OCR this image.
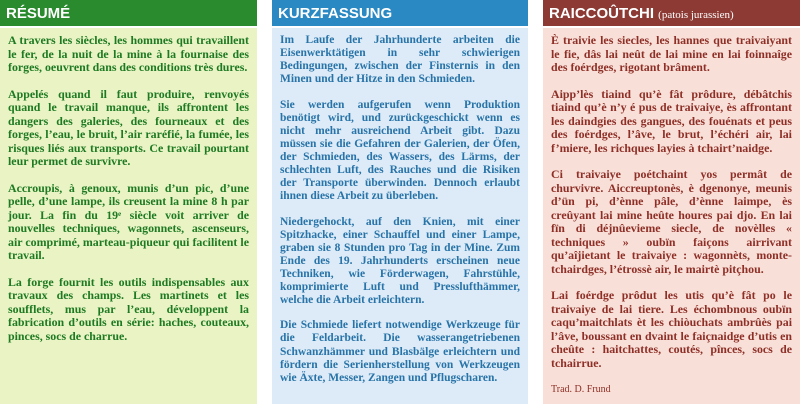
RÉSUMÉ

A travers les siècles, les hommes qui travaillent le fer, de la nuit de la mine à la fournaise des forges, oeuvrent dans des conditions très dures.

Appelés quand il faut produire, renvoyés quand le travail manque, ils affrontent les dangers des galeries, des fourneaux et des forges, l’eau, le bruit, l’air raréfié, la fumée, les risques liés aux transports. Ce travail pourtant leur permet de survivre.

Accroupis, à genoux, munis d’un pic, d’une pelle, d’une lampe, ils creusent la mine 8 h par jour. La fin du 19ᵉ siècle voit arriver de nouvelles techniques, wagonnets, ascenseurs, air comprimé, marteau-piqueur qui facilitent le travail.

La forge fournit les outils indispensables aux travaux des champs. Les martinets et les soufflets, mus par l’eau, développent la fabrication d’outils en série: haches, couteaux, pinces, socs de charrue.

KURZFASSUNG

Im Laufe der Jahrhunderte arbeiten die Eisenwerktätigen in sehr schwierigen Bedingungen, zwischen der Finsternis in den Minen und der Hitze in den Schmieden.

Sie werden aufgerufen wenn Produktion benötigt wird, und zurückgeschickt wenn es nicht mehr ausreichend Arbeit gibt. Dazu müssen sie die Gefahren der Galerien, der Öfen, der Schmieden, des Wassers, des Lärms, der schlechten Luft, des Rauches und die Risiken der Transporte überwinden. Dennoch erlaubt ihnen diese Arbeit zu überleben.

Niedergehockt, auf den Knien, mit einer Spitzhacke, einer Schauffel und einer Lampe, graben sie 8 Stunden pro Tag in der Mine. Zum Ende des 19. Jahrhunderts erscheinen neue Techniken, wie Förderwagen, Fahrstühle, komprimierte Luft und Presslufthämmer, welche die Arbeit erleichtern.

Die Schmiede liefert notwendige Werkzeuge für die Feldarbeit. Die wasserangetriebenen Schwanzhämmer und Blasbälge erleichtern und fördern die Serienherstellung von Werkzeugen wie Äxte, Messer, Zangen und Pflugscharen.

RAICCOÛTCHI (patois jurassien)

È traivie les siecles, les hannes que traivaiyant le fie, dâs lai neût de lai mine en lai foinnaîge des foérdges, rigotant brâment.

Aipp’lès tiaind qu’è fât prôdure, débâtchis tiaind qu’è n’y é pus de traivaiye, ès affrontant les daindgies des gangues, des fouénats et peus des foérdges, l’âve, le brut, l’échéri air, lai f’miere, les richques layies à tchairt’naidge.

Ci traivaiye poétchaint yos permât de churvivre. Aiccreuptonès, è dgenonye, meunis d’ün pi, d’ènne pâle, d’ènne laimpe, ès creûyant lai mine heûte houres pai djo. En lai fïn di déjnûevieme siecle, de novèlles « techniques » oubïn faiçons airrivant qu’aîjietant le traivaiye : wagonnèts, monte-tchairdges, l’étrossè air, le mairtè pitçhou.

Lai foérdge prôdut les utis qu’è fât po le traivaiye de lai tiere. Les échombnous oubïn caqu’maitchlats èt les chiòuchats ambrûès pai l’âve, boussant en dvaint le faiçnaidge d’utis en cheûte : haitchattes, coutés, pînces, socs de tchairrue.

Trad. D. Frund
